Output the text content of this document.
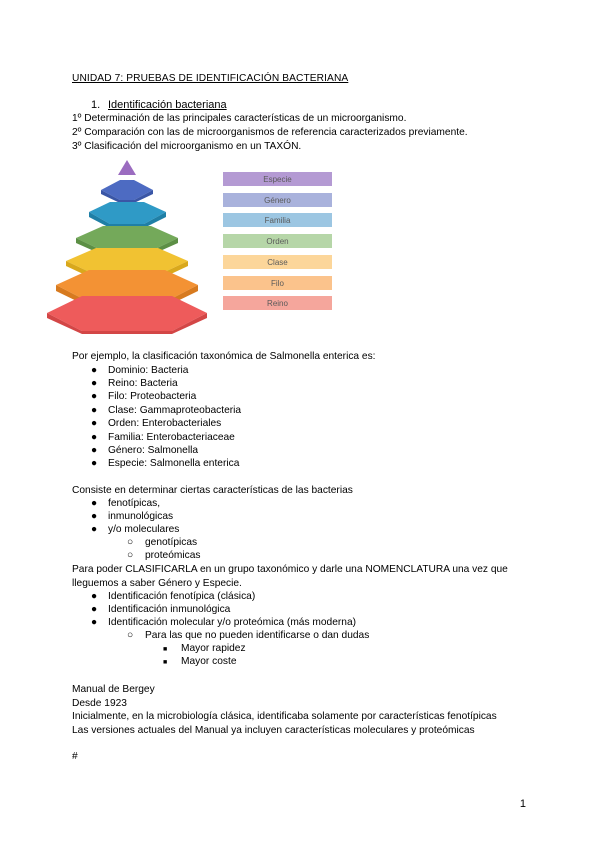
UNIDAD 7: PRUEBAS DE IDENTIFICACIÓN BACTERIANA
1. Identificación bacteriana
1º Determinación de las principales características de un microorganismo.
2º Comparación con las de microorganismos de referencia caracterizados previamente.
3º Clasificación del microorganismo en un TAXÓN.
Especie
Género
Familia
Orden
Clase
Filo
Reino
Por ejemplo, la clasificación taxonómica de Salmonella enterica es:
● Dominio: Bacteria
● Reino: Bacteria
● Filo: Proteobacteria
● Clase: Gammaproteobacteria
● Orden: Enterobacteriales
● Familia: Enterobacteriaceae
● Género: Salmonella
● Especie: Salmonella enterica
Consiste en determinar ciertas características de las bacterias
● fenotípicas,
● inmunológicas
● y/o moleculares
○ genotípicas
○ proteómicas
Para poder CLASIFICARLA en un grupo taxonómico y darle una NOMENCLATURA una vez que
lleguemos a saber Género y Especie.
● Identificación fenotípica (clásica)
● Identificación inmunológica
● Identificación molecular y/o proteómica (más moderna)
○ Para las que no pueden identificarse o dan dudas
■ Mayor rapidez
■ Mayor coste
Manual de Bergey
Desde 1923
Inicialmente, en la microbiología clásica, identificaba solamente por características fenotípicas
Las versiones actuales del Manual ya incluyen características moleculares y proteómicas
#
1
